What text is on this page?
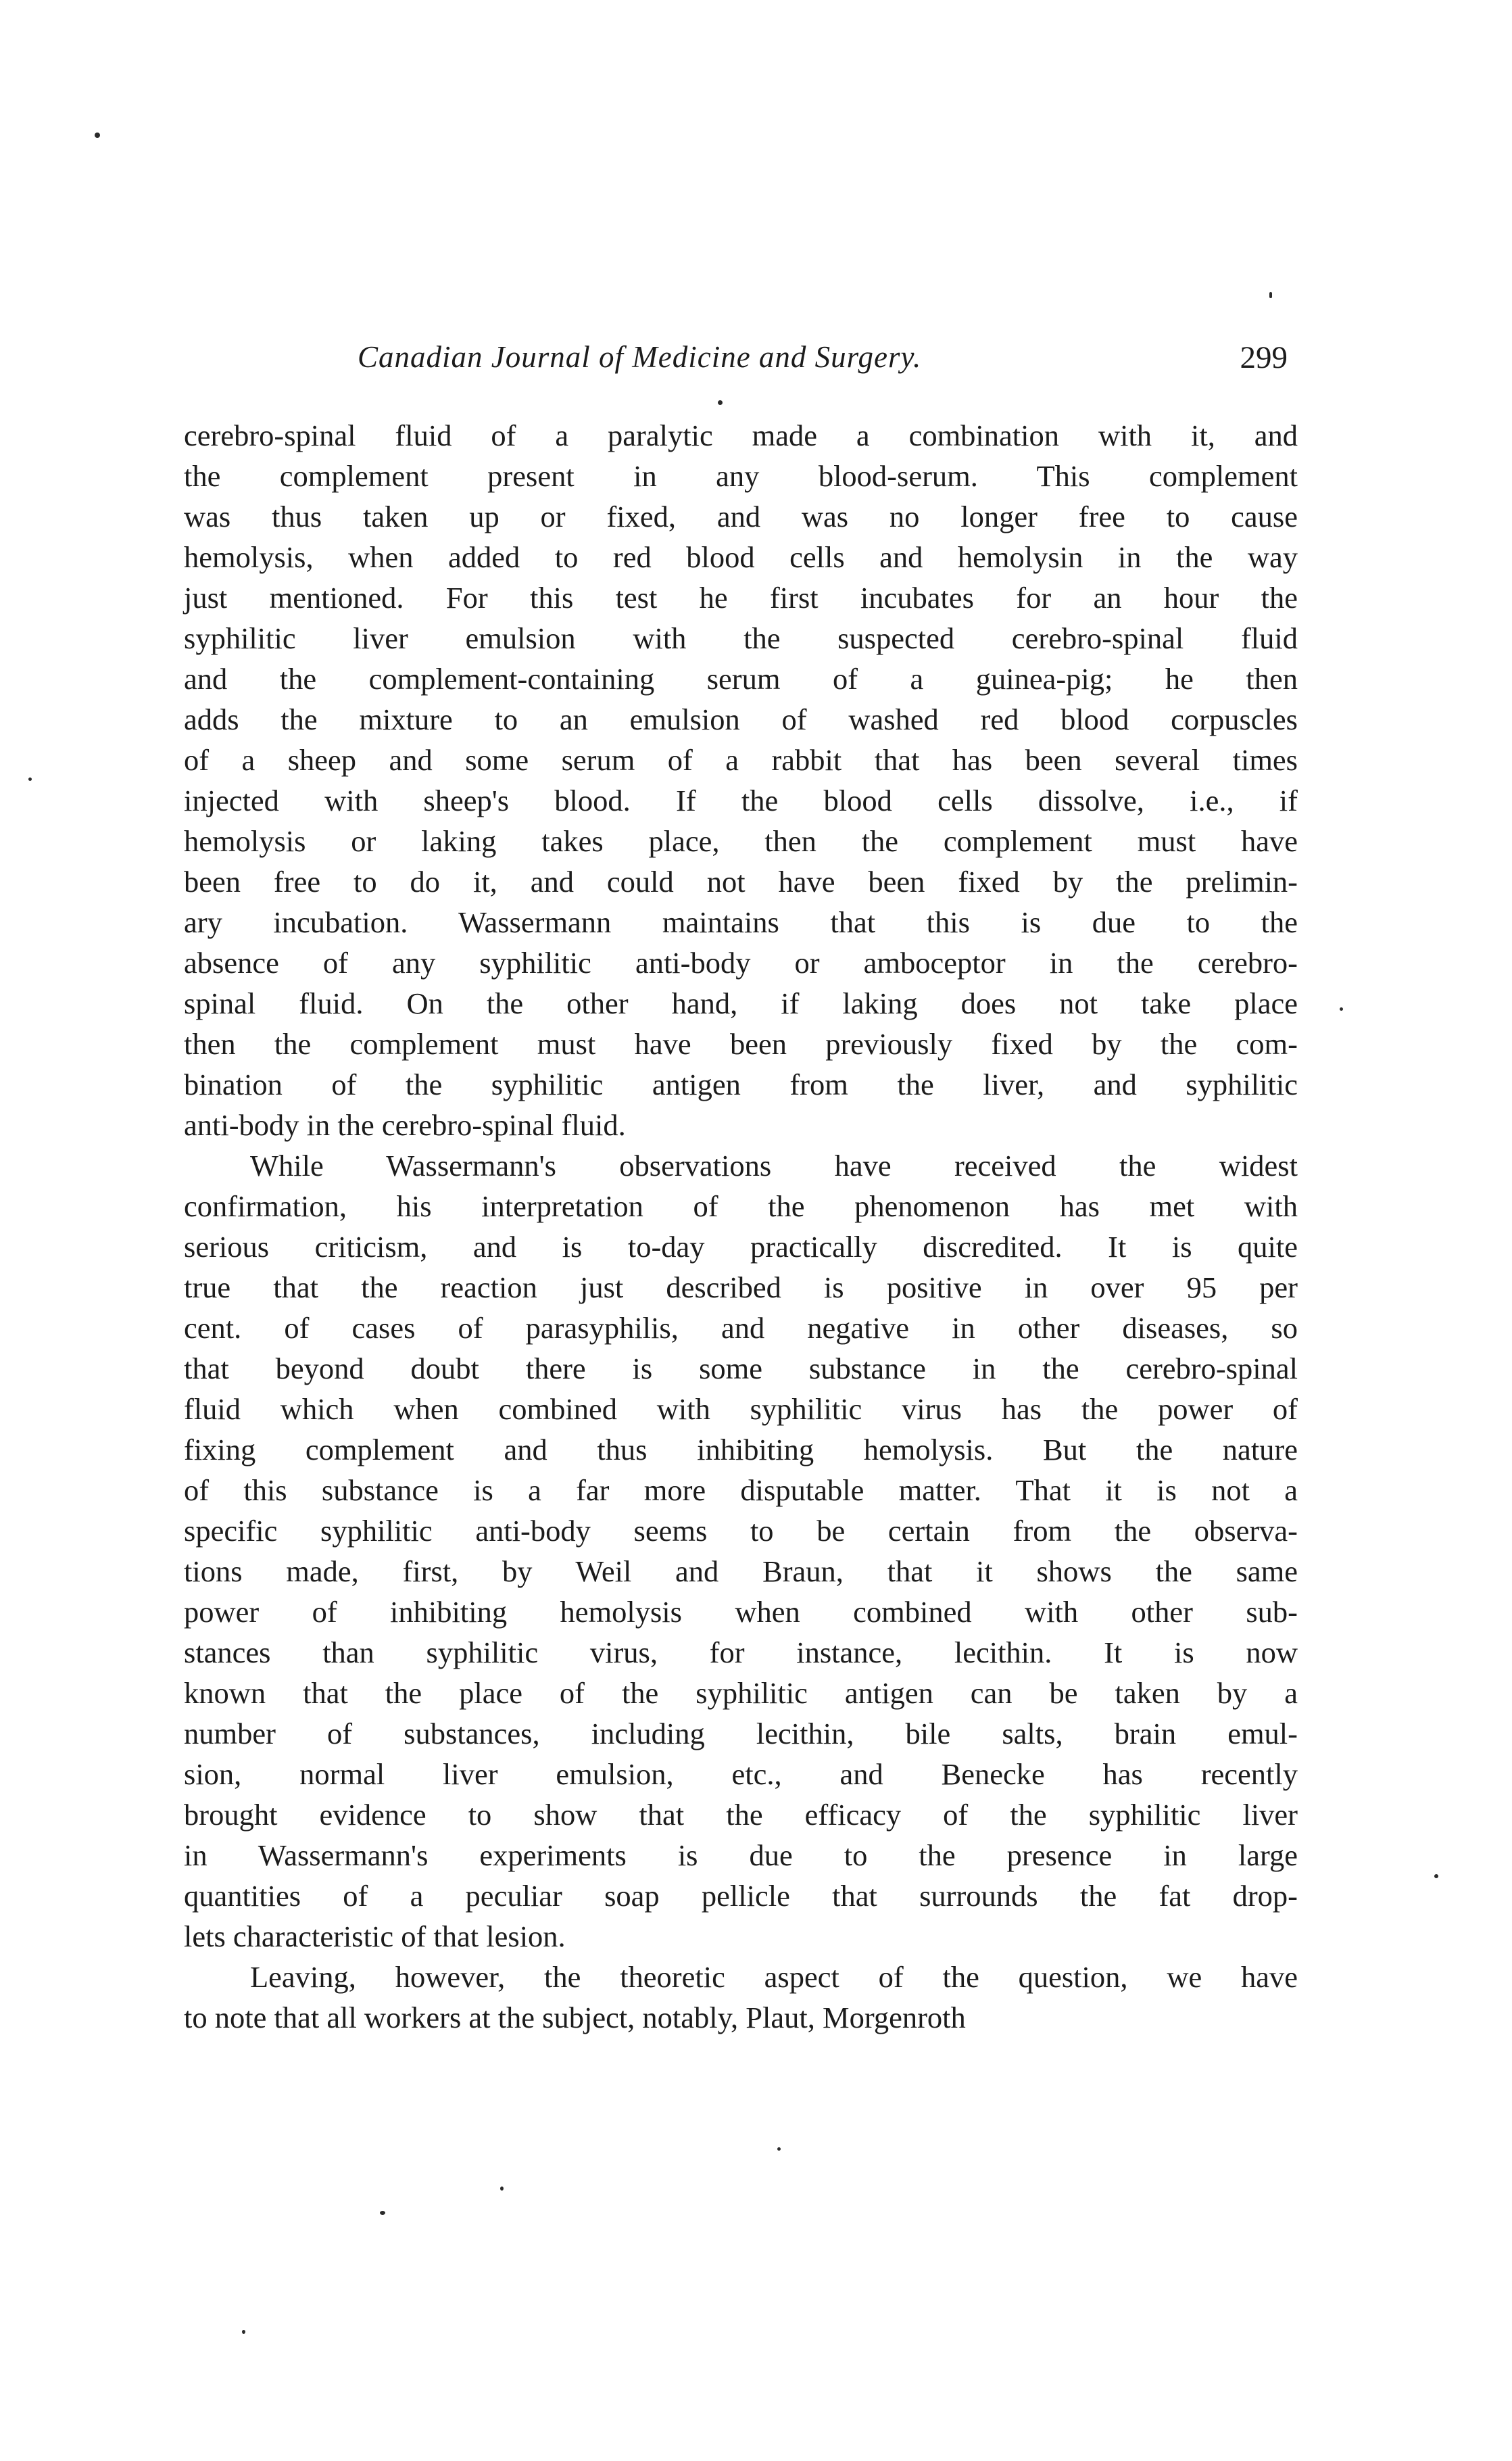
Canadian Journal of Medicine and Surgery.	299
cerebro-spinal fluid of a paralytic made a combination with it, and
the complement present in any blood-serum. This complement
was thus taken up or fixed, and was no longer free to cause
hemolysis, when added to red blood cells and hemolysin in the way
just mentioned. For this test he first incubates for an hour the
syphilitic liver emulsion with the suspected cerebro-spinal fluid
and the complement-containing serum of a guinea-pig; he then
adds the mixture to an emulsion of washed red blood corpuscles
of a sheep and some serum of a rabbit that has been several times
injected with sheep's blood. If the blood cells dissolve, i.e., if
hemolysis or laking takes place, then the complement must have
been free to do it, and could not have been fixed by the prelimin-
ary incubation. Wassermann maintains that this is due to the
absence of any syphilitic anti-body or amboceptor in the cerebro-
spinal fluid. On the other hand, if laking does not take place
then the complement must have been previously fixed by the com-
bination of the syphilitic antigen from the liver, and syphilitic
anti-body in the cerebro-spinal fluid.
While Wassermann's observations have received the widest
confirmation, his interpretation of the phenomenon has met with
serious criticism, and is to-day practically discredited. It is quite
true that the reaction just described is positive in over 95 per
cent. of cases of parasyphilis, and negative in other diseases, so
that beyond doubt there is some substance in the cerebro-spinal
fluid which when combined with syphilitic virus has the power of
fixing complement and thus inhibiting hemolysis. But the nature
of this substance is a far more disputable matter. That it is not a
specific syphilitic anti-body seems to be certain from the observa-
tions made, first, by Weil and Braun, that it shows the same
power of inhibiting hemolysis when combined with other sub-
stances than syphilitic virus, for instance, lecithin. It is now
known that the place of the syphilitic antigen can be taken by a
number of substances, including lecithin, bile salts, brain emul-
sion, normal liver emulsion, etc., and Benecke has recently
brought evidence to show that the efficacy of the syphilitic liver
in Wassermann's experiments is due to the presence in large
quantities of a peculiar soap pellicle that surrounds the fat drop-
lets characteristic of that lesion.
Leaving, however, the theoretic aspect of the question, we have
to note that all workers at the subject, notably, Plaut, Morgenroth
